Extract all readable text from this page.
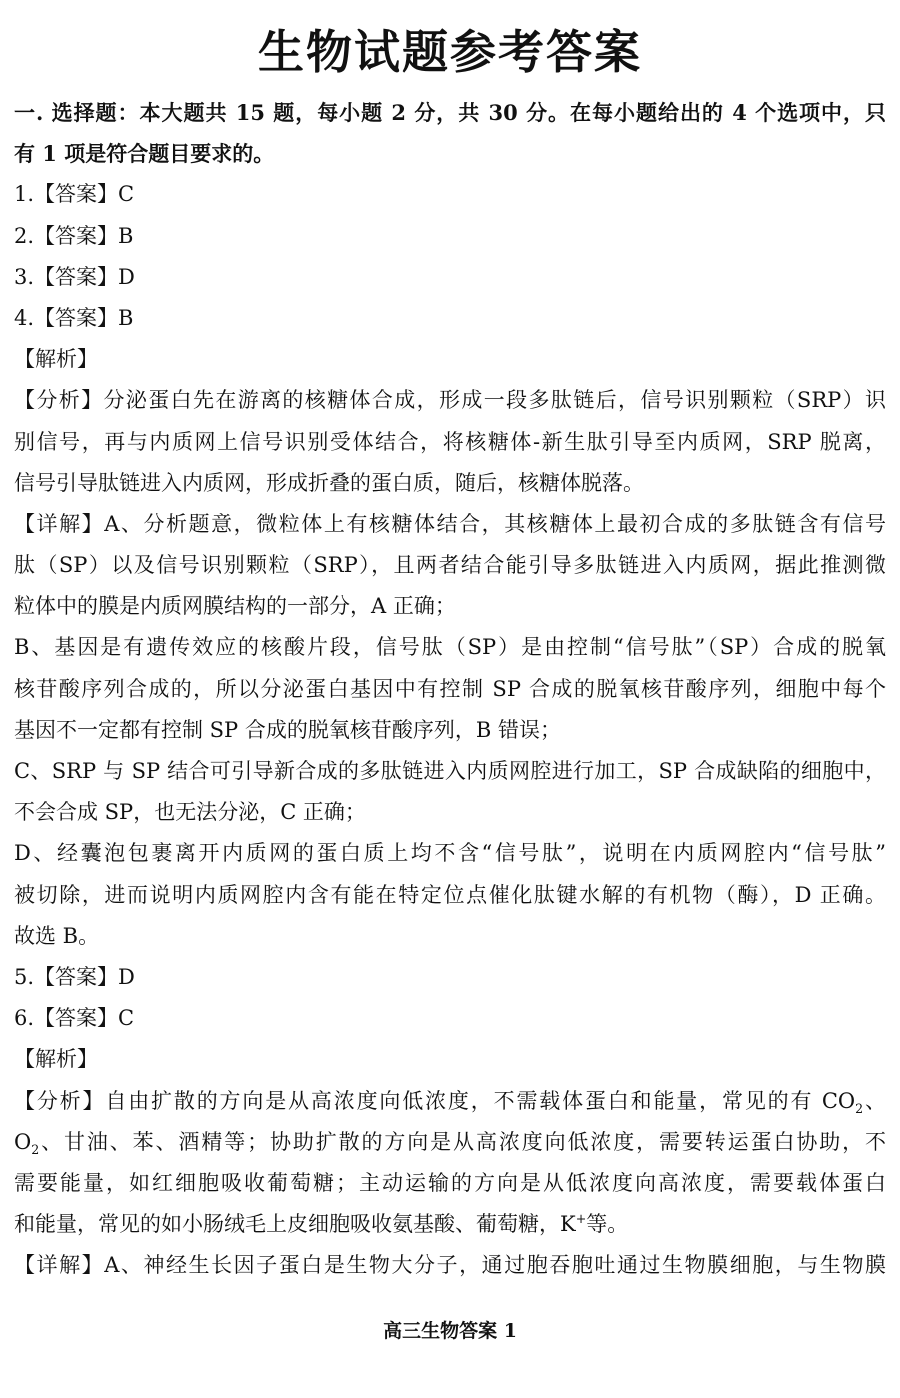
生物试题参考答案
一. 选择题：本大题共 15 题，每小题 2 分，共 30 分。在每小题给出的 4 个选项中，只
有 1 项是符合题目要求的。
1.【答案】C
2.【答案】B
3.【答案】D
4.【答案】B
【解析】
【分析】分泌蛋白先在游离的核糖体合成，形成一段多肽链后，信号识别颗粒（SRP）识
别信号，再与内质网上信号识别受体结合，将核糖体-新生肽引导至内质网，SRP 脱离，
信号引导肽链进入内质网，形成折叠的蛋白质，随后，核糖体脱落。
【详解】A、分析题意，微粒体上有核糖体结合，其核糖体上最初合成的多肽链含有信号
肽（SP）以及信号识别颗粒（SRP），且两者结合能引导多肽链进入内质网，据此推测微
粒体中的膜是内质网膜结构的一部分，A 正确；
B、基因是有遗传效应的核酸片段，信号肽（SP）是由控制“信号肽”（SP）合成的脱氧
核苷酸序列合成的，所以分泌蛋白基因中有控制 SP 合成的脱氧核苷酸序列，细胞中每个
基因不一定都有控制 SP 合成的脱氧核苷酸序列，B 错误；
C、SRP 与 SP 结合可引导新合成的多肽链进入内质网腔进行加工，SP 合成缺陷的细胞中，
不会合成 SP，也无法分泌，C 正确；
D、经囊泡包裹离开内质网的蛋白质上均不含“信号肽”，说明在内质网腔内“信号肽”
被切除，进而说明内质网腔内含有能在特定位点催化肽键水解的有机物（酶），D 正确。
故选 B。
5.【答案】D
6.【答案】C
【解析】
【分析】自由扩散的方向是从高浓度向低浓度，不需载体蛋白和能量，常见的有 $CO_2$、
$O_2$、甘油、苯、酒精等；协助扩散的方向是从高浓度向低浓度，需要转运蛋白协助，不
需要能量，如红细胞吸收葡萄糖；主动运输的方向是从低浓度向高浓度，需要载体蛋白
和能量，常见的如小肠绒毛上皮细胞吸收氨基酸、葡萄糖，K+等。
【详解】A、神经生长因子蛋白是生物大分子，通过胞吞胞吐通过生物膜细胞，与生物膜
高三生物答案 1
